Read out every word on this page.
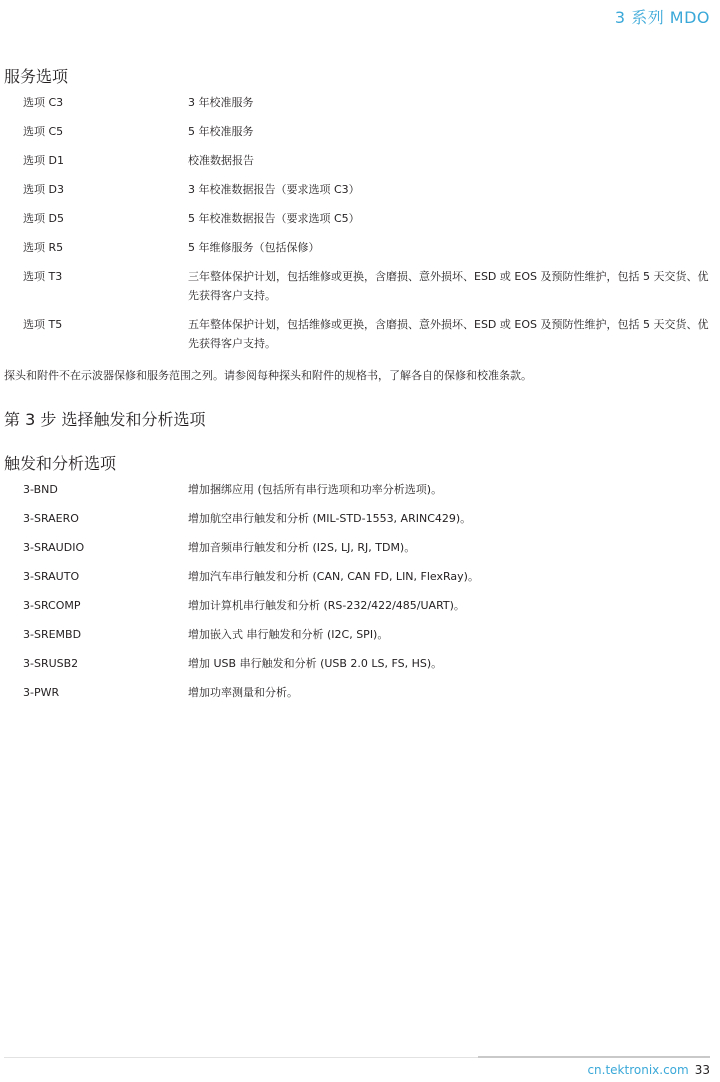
3 系列 MDO
服务选项
选项 C3	3 年校准服务
选项 C5	5 年校准服务
选项 D1	校准数据报告
选项 D3	3 年校准数据报告（要求选项 C3）
选项 D5	5 年校准数据报告（要求选项 C5）
选项 R5	5 年维修服务（包括保修）
选项 T3	三年整体保护计划，包括维修或更换，含磨损、意外损坏、ESD 或 EOS 及预防性维护，包括 5 天交货、优先获得客户支持。
选项 T5	五年整体保护计划，包括维修或更换，含磨损、意外损坏、ESD 或 EOS 及预防性维护，包括 5 天交货、优先获得客户支持。
探头和附件不在示波器保修和服务范围之列。请参阅每种探头和附件的规格书，了解各自的保修和校准条款。
第 3 步 选择触发和分析选项
触发和分析选项
3-BND	增加捆绑应用 (包括所有串行选项和功率分析选项)。
3-SRAERO	增加航空串行触发和分析 (MIL-STD-1553, ARINC429)。
3-SRAUDIO	增加音频串行触发和分析 (I2S, LJ, RJ, TDM)。
3-SRAUTO	增加汽车串行触发和分析 (CAN, CAN FD, LIN, FlexRay)。
3-SRCOMP	增加计算机串行触发和分析 (RS-232/422/485/UART)。
3-SREMBD	增加嵌入式 串行触发和分析 (I2C, SPI)。
3-SRUSB2	增加 USB 串行触发和分析 (USB 2.0 LS, FS, HS)。
3-PWR	增加功率测量和分析。
cn.tektronix.com 33
